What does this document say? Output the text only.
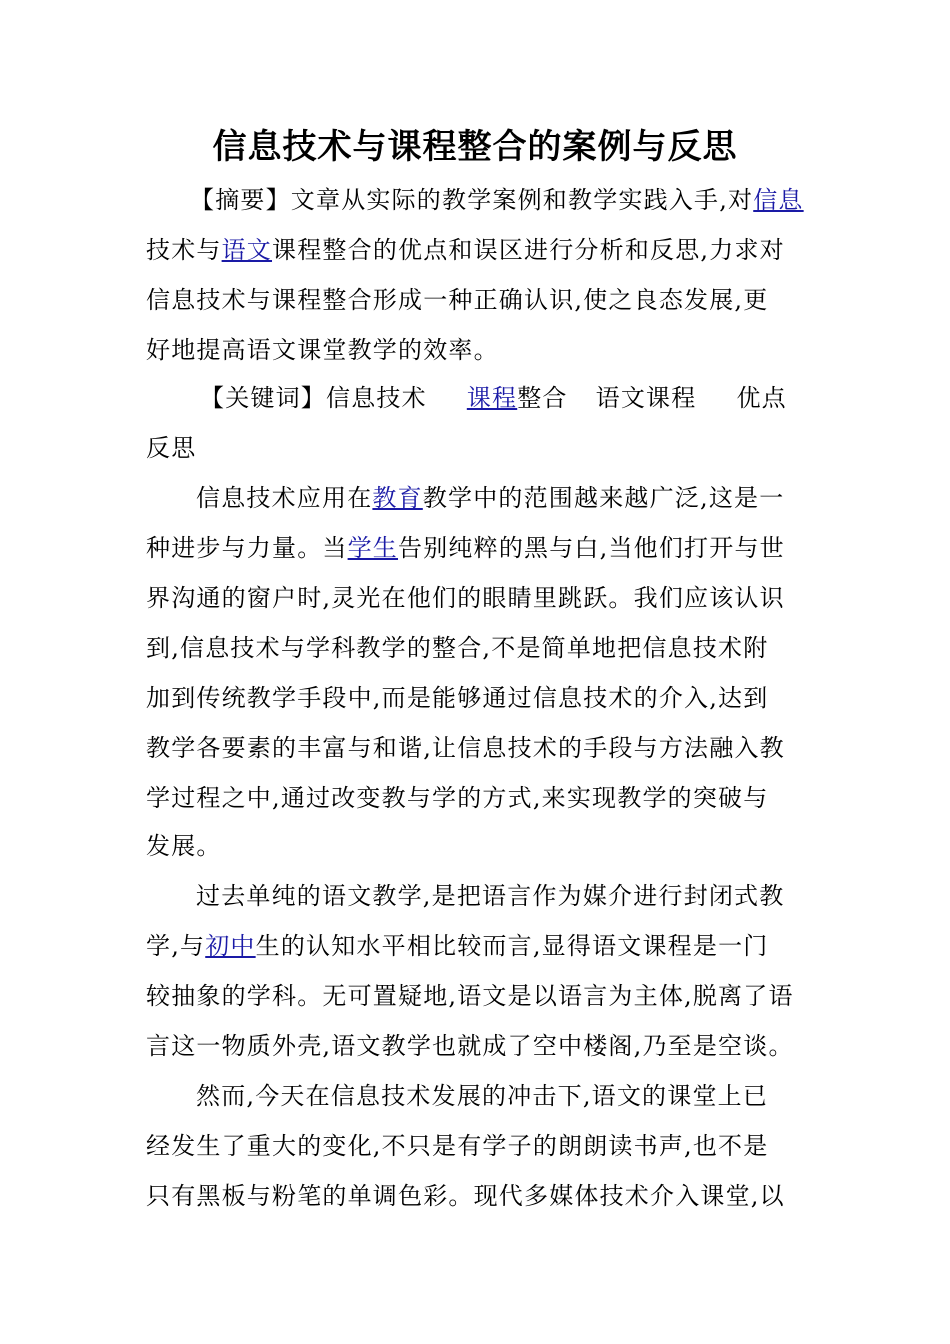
信息技术与课程整合的案例与反思
【摘要】文章从实际的教学案例和教学实践入手,对信息
技术与语文课程整合的优点和误区进行分析和反思,力求对
信息技术与课程整合形成一种正确认识,使之良态发展,更
好地提高语文课堂教学的效率。
【关键词】信息技术 课程整合 语文课程 优点
反思
信息技术应用在教育教学中的范围越来越广泛,这是一
种进步与力量。当学生告别纯粹的黑与白,当他们打开与世
界沟通的窗户时,灵光在他们的眼睛里跳跃。我们应该认识
到,信息技术与学科教学的整合,不是简单地把信息技术附
加到传统教学手段中,而是能够通过信息技术的介入,达到
教学各要素的丰富与和谐,让信息技术的手段与方法融入教
学过程之中,通过改变教与学的方式,来实现教学的突破与
发展。
过去单纯的语文教学,是把语言作为媒介进行封闭式教
学,与初中生的认知水平相比较而言,显得语文课程是一门
较抽象的学科。无可置疑地,语文是以语言为主体,脱离了语
言这一物质外壳,语文教学也就成了空中楼阁,乃至是空谈。
然而,今天在信息技术发展的冲击下,语文的课堂上已
经发生了重大的变化,不只是有学子的朗朗读书声,也不是
只有黑板与粉笔的单调色彩。现代多媒体技术介入课堂,以
